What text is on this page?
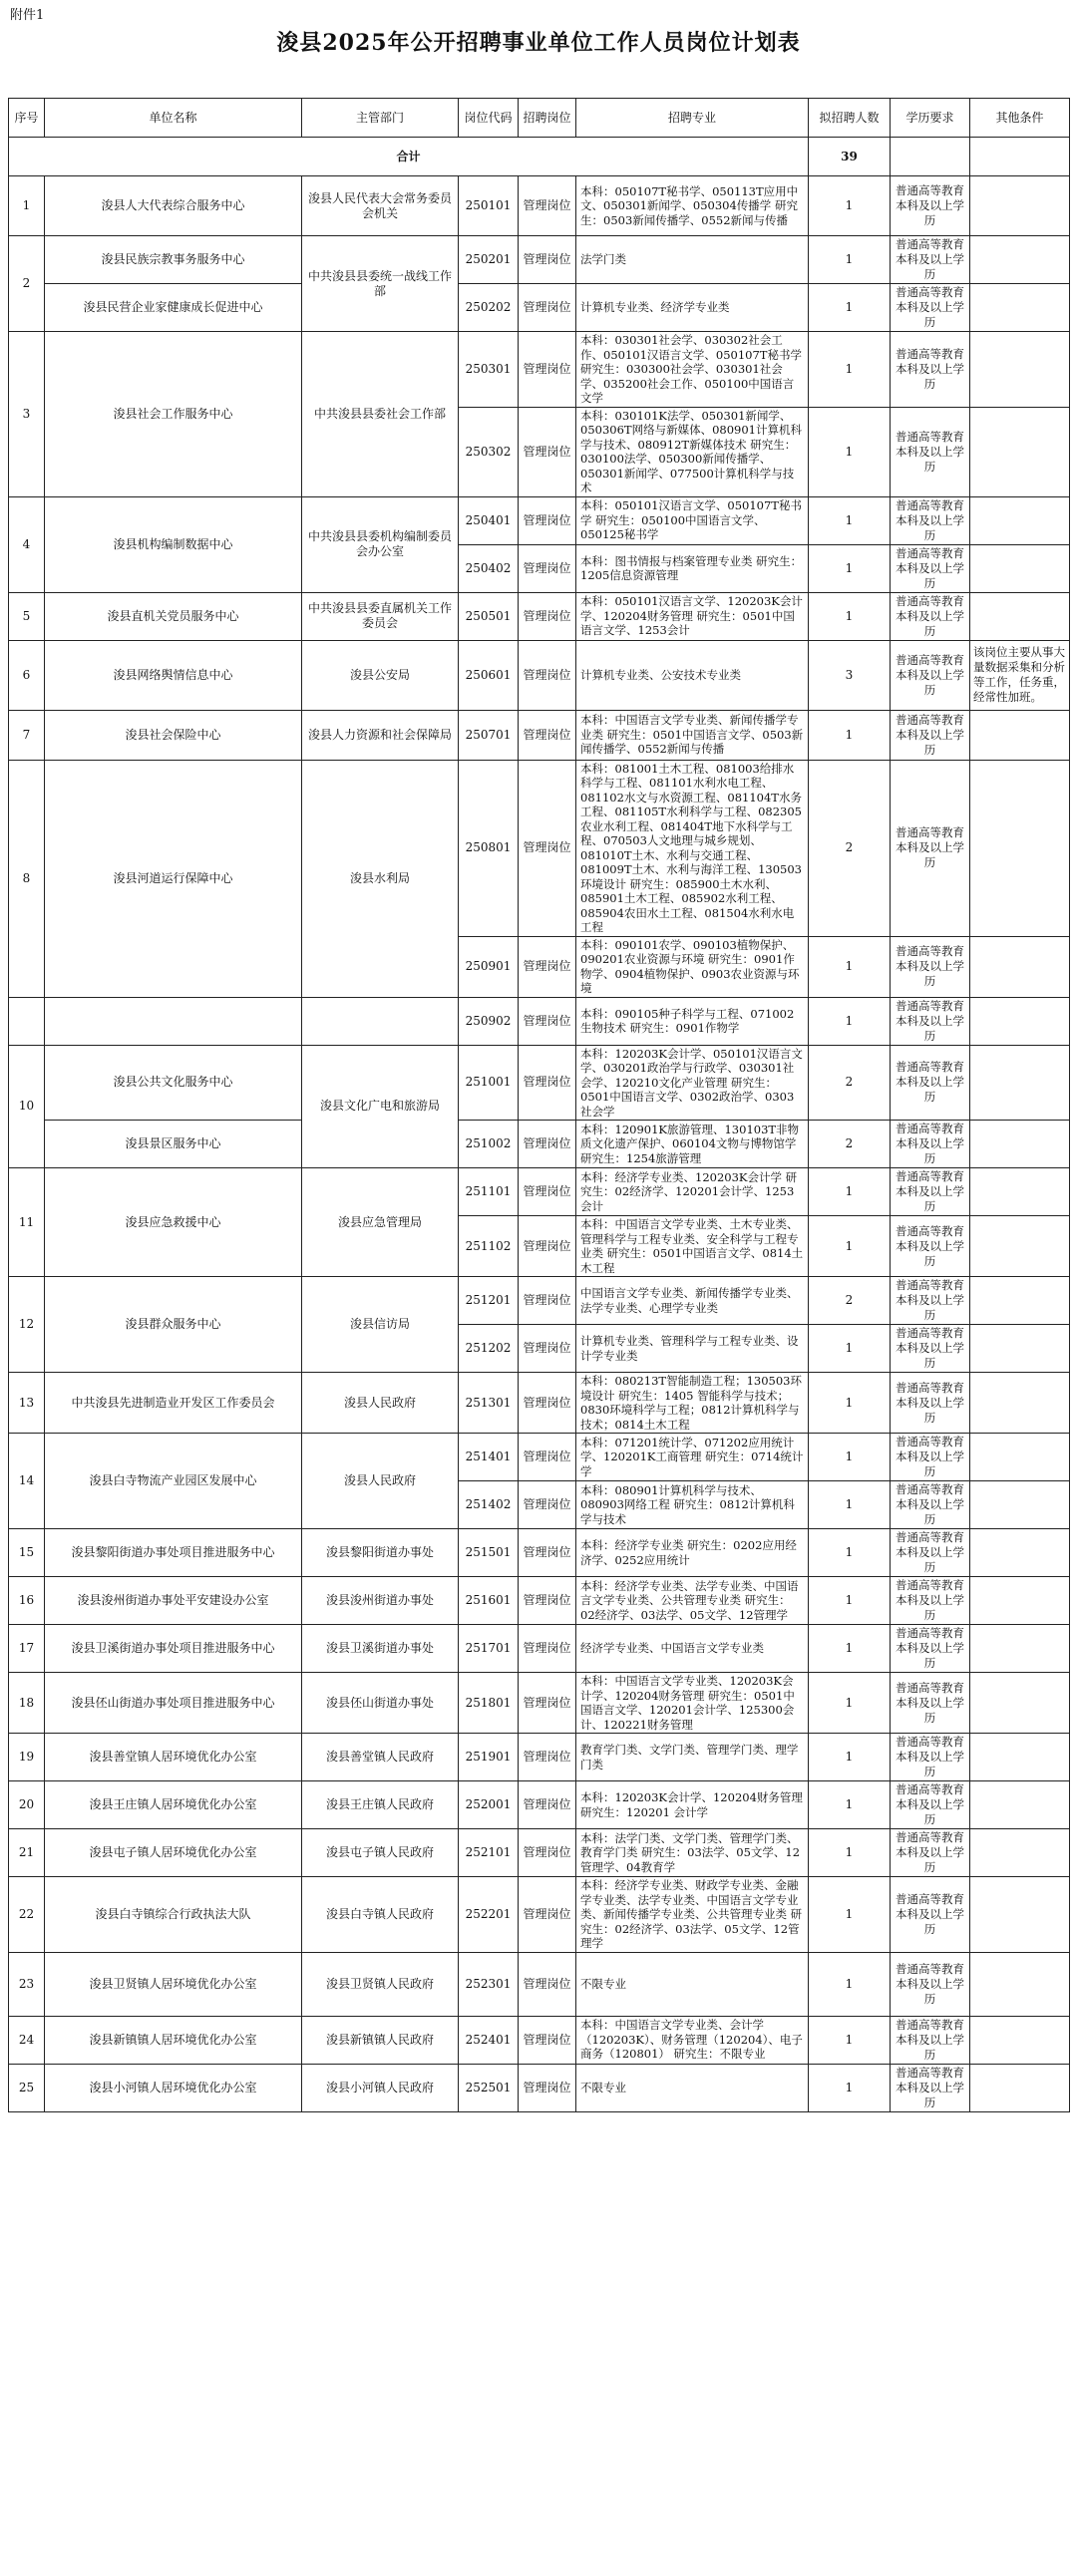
附件1
浚县2025年公开招聘事业单位工作人员岗位计划表
序号	单位名称	主管部门	岗位代码	招聘岗位	招聘专业	拟招聘人数	学历要求	其他条件
合计						39		
1	浚县人大代表综合服务中心	浚县人民代表大会常务委员会机关	250101	管理岗位	本科：050107T秘书学、050113T应用中文、050301新闻学、050304传播学 研究生：0503新闻传播学、0552新闻与传播	1	普通高等教育本科及以上学历	
2	浚县民族宗教事务服务中心	中共浚县县委统一战线工作部	250201	管理岗位	法学门类	1	普通高等教育本科及以上学历	
	浚县民营企业家健康成长促进中心		250202	管理岗位	计算机专业类、经济学专业类	1	普通高等教育本科及以上学历	
3	浚县社会工作服务中心	中共浚县县委社会工作部	250301	管理岗位	本科：030301社会学、030302社会工作、050101汉语言文学、050107T秘书学 研究生：030300社会学、030301社会学、035200社会工作、050100中国语言文学	1	普通高等教育本科及以上学历	
			250302	管理岗位	本科：030101K法学、050301新闻学、050306T网络与新媒体、080901计算机科学与技术、080912T新媒体技术 研究生：030100法学、050300新闻传播学、050301新闻学、077500计算机科学与技术	1	普通高等教育本科及以上学历	
4	浚县机构编制数据中心	中共浚县县委机构编制委员会办公室	250401	管理岗位	本科：050101汉语言文学、050107T秘书学 研究生：050100中国语言文学、050125秘书学	1	普通高等教育本科及以上学历	
			250402	管理岗位	本科：图书情报与档案管理专业类 研究生：1205信息资源管理	1	普通高等教育本科及以上学历	
5	浚县直机关党员服务中心	中共浚县县委直属机关工作委员会	250501	管理岗位	本科：050101汉语言文学、120203K会计学、120204财务管理 研究生：0501中国语言文学、1253会计	1	普通高等教育本科及以上学历	
6	浚县网络舆情信息中心	浚县公安局	250601	管理岗位	计算机专业类、公安技术专业类	3	普通高等教育本科及以上学历	该岗位主要从事大量数据采集和分析等工作，任务重，经常性加班。
7	浚县社会保险中心	浚县人力资源和社会保障局	250701	管理岗位	本科：中国语言文学专业类、新闻传播学专业类 研究生：0501中国语言文学、0503新闻传播学、0552新闻与传播	1	普通高等教育本科及以上学历	
8	浚县河道运行保障中心	浚县水利局	250801	管理岗位	本科：081001土木工程、081003给排水科学与工程、081101水利水电工程、081102水文与水资源工程、081104T水务工程、081105T水利科学与工程、082305农业水利工程、081404T地下水科学与工程、070503人文地理与城乡规划、081010T土木、水利与交通工程、081009T土木、水利与海洋工程、130503环境设计 研究生：085900土木水利、085901土木工程、085902水利工程、085904农田水土工程、081504水利水电工程	2	普通高等教育本科及以上学历	
			250901	管理岗位	本科：090101农学、090103植物保护、090201农业资源与环境 研究生：0901作物学、0904植物保护、0903农业资源与环境	1	普通高等教育本科及以上学历	
			250902	管理岗位	本科：090105种子科学与工程、071002生物技术 研究生：0901作物学	1	普通高等教育本科及以上学历	
10	浚县公共文化服务中心	浚县文化广电和旅游局	251001	管理岗位	本科：120203K会计学、050101汉语言文学、030201政治学与行政学、030301社会学、120210文化产业管理 研究生：0501中国语言文学、0302政治学、0303社会学	2	普通高等教育本科及以上学历	
	浚县景区服务中心		251002	管理岗位	本科：120901K旅游管理、130103T非物质文化遗产保护、060104文物与博物馆学 研究生：1254旅游管理	2	普通高等教育本科及以上学历	
11	浚县应急救援中心	浚县应急管理局	251101	管理岗位	本科：经济学专业类、120203K会计学 研究生：02经济学、120201会计学、1253会计	1	普通高等教育本科及以上学历	
			251102	管理岗位	本科：中国语言文学专业类、土木专业类、管理科学与工程专业类、安全科学与工程专业类 研究生：0501中国语言文学、0814土木工程	1	普通高等教育本科及以上学历	
12	浚县群众服务中心	浚县信访局	251201	管理岗位	中国语言文学专业类、新闻传播学专业类、法学专业类、心理学专业类	2	普通高等教育本科及以上学历	
			251202	管理岗位	计算机专业类、管理科学与工程专业类、设计学专业类	1	普通高等教育本科及以上学历	
13	中共浚县先进制造业开发区工作委员会	浚县人民政府	251301	管理岗位	本科：080213T智能制造工程；130503环境设计 研究生：1405 智能科学与技术；0830环境科学与工程；0812计算机科学与技术；0814土木工程	1	普通高等教育本科及以上学历	
14	浚县白寺物流产业园区发展中心	浚县人民政府	251401	管理岗位	本科：071201统计学、071202应用统计学、120201K工商管理 研究生：0714统计学	1	普通高等教育本科及以上学历	
			251402	管理岗位	本科：080901计算机科学与技术、080903网络工程 研究生：0812计算机科学与技术	1	普通高等教育本科及以上学历	
15	浚县黎阳街道办事处项目推进服务中心	浚县黎阳街道办事处	251501	管理岗位	本科：经济学专业类 研究生：0202应用经济学、0252应用统计	1	普通高等教育本科及以上学历	
16	浚县浚州街道办事处平安建设办公室	浚县浚州街道办事处	251601	管理岗位	本科：经济学专业类、法学专业类、中国语言文学专业类、公共管理专业类 研究生：02经济学、03法学、05文学、12管理学	1	普通高等教育本科及以上学历	
17	浚县卫溪街道办事处项目推进服务中心	浚县卫溪街道办事处	251701	管理岗位	经济学专业类、中国语言文学专业类	1	普通高等教育本科及以上学历	
18	浚县伾山街道办事处项目推进服务中心	浚县伾山街道办事处	251801	管理岗位	本科：中国语言文学专业类、120203K会计学、120204财务管理 研究生：0501中国语言文学、120201会计学、125300会计、120221财务管理	1	普通高等教育本科及以上学历	
19	浚县善堂镇人居环境优化办公室	浚县善堂镇人民政府	251901	管理岗位	教育学门类、文学门类、管理学门类、理学门类	1	普通高等教育本科及以上学历	
20	浚县王庄镇人居环境优化办公室	浚县王庄镇人民政府	252001	管理岗位	本科：120203K会计学、120204财务管理 研究生：120201 会计学	1	普通高等教育本科及以上学历	
21	浚县屯子镇人居环境优化办公室	浚县屯子镇人民政府	252101	管理岗位	本科：法学门类、文学门类、管理学门类、教育学门类 研究生：03法学、05文学、12管理学、04教育学	1	普通高等教育本科及以上学历	
22	浚县白寺镇综合行政执法大队	浚县白寺镇人民政府	252201	管理岗位	本科：经济学专业类、财政学专业类、金融学专业类、法学专业类、中国语言文学专业类、新闻传播学专业类、公共管理专业类 研究生：02经济学、03法学、05文学、12管理学	1	普通高等教育本科及以上学历	
23	浚县卫贤镇人居环境优化办公室	浚县卫贤镇人民政府	252301	管理岗位	不限专业	1	普通高等教育本科及以上学历	
24	浚县新镇镇人居环境优化办公室	浚县新镇镇人民政府	252401	管理岗位	本科：中国语言文学专业类、会计学（120203K）、财务管理（120204）、电子商务（120801） 研究生：不限专业	1	普通高等教育本科及以上学历	
25	浚县小河镇人居环境优化办公室	浚县小河镇人民政府	252501	管理岗位	不限专业	1	普通高等教育本科及以上学历	
